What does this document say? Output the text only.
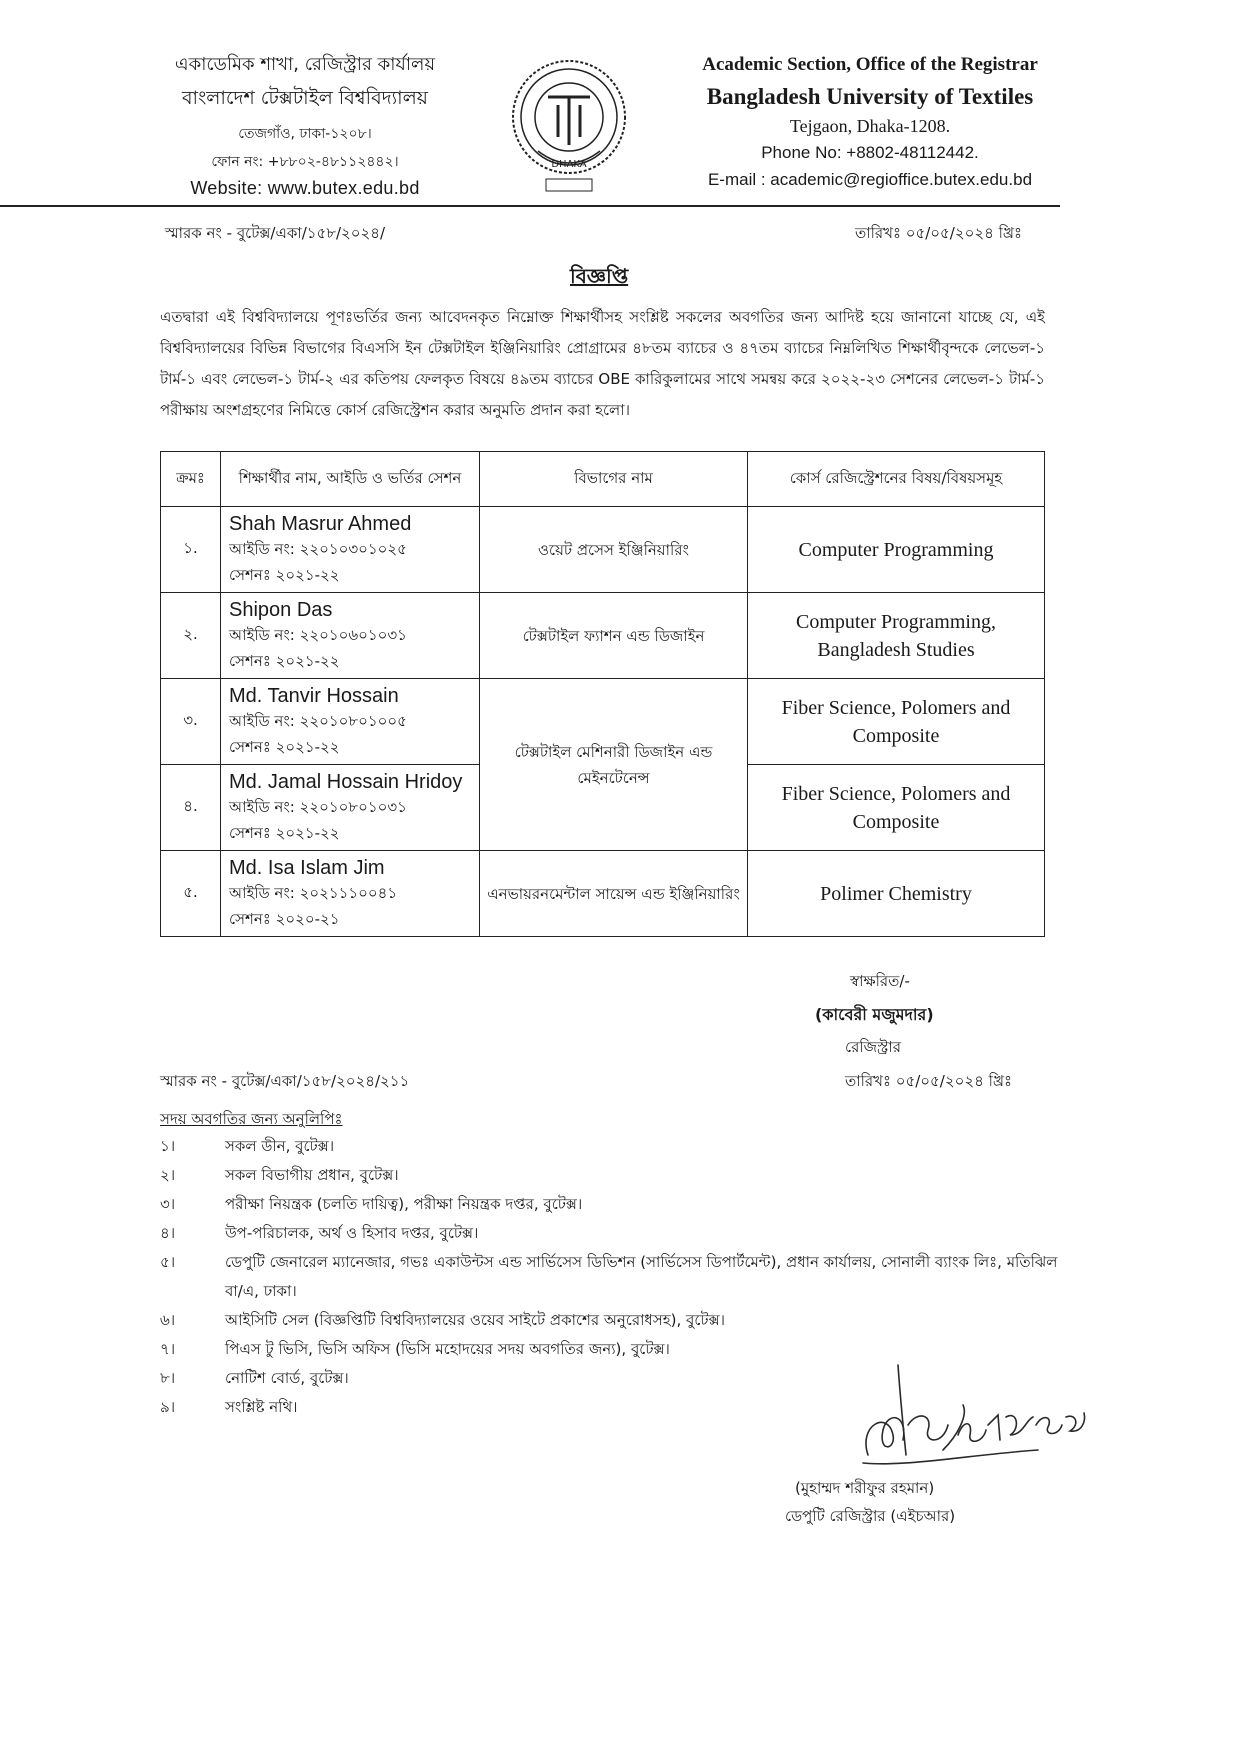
একাডেমিক শাখা, রেজিস্ট্রার কার্যালয়
বাংলাদেশ টেক্সটাইল বিশ্ববিদ্যালয়
তেজগাঁও, ঢাকা-১২০৮।
ফোন নং: +৮৮০২-৪৮১১২৪৪২।
Website: www.butex.edu.bd
DHAKA
Academic Section, Office of the Registrar
Bangladesh University of Textiles
Tejgaon, Dhaka-1208.
Phone No: +8802-48112442.
E-mail : academic@regioffice.butex.edu.bd
স্মারক নং - বুটেক্স/একা/১৫৮/২০২৪/	তারিখঃ ০৫/০৫/২০২৪ খ্রিঃ
বিজ্ঞপ্তি
এতদ্বারা এই বিশ্ববিদ্যালয়ে পূণঃভর্তির জন্য আবেদনকৃত নিম্নোক্ত শিক্ষার্থীসহ সংশ্লিষ্ট সকলের অবগতির জন্য আদিষ্ট হয়ে জানানো যাচ্ছে যে, এই বিশ্ববিদ্যালয়ের বিভিন্ন বিভাগের বিএসসি ইন টেক্সটাইল ইঞ্জিনিয়ারিং প্রোগ্রামের ৪৮তম ব্যাচের ও ৪৭তম ব্যাচের নিম্নলিখিত শিক্ষার্থীবৃন্দকে লেভেল-১ টার্ম-১ এবং লেভেল-১ টার্ম-২ এর কতিপয় ফেলকৃত বিষয়ে ৪৯তম ব্যাচের OBE কারিকুলামের সাথে সমন্বয় করে ২০২২-২৩ সেশনের লেভেল-১ টার্ম-১ পরীক্ষায় অংশগ্রহণের নিমিত্তে কোর্স রেজিস্ট্রেশন করার অনুমতি প্রদান করা হলো।
ক্রমঃ	শিক্ষার্থীর নাম, আইডি ও ভর্তির সেশন	বিভাগের নাম	কোর্স রেজিস্ট্রেশনের বিষয়/বিষয়সমূহ
১.	Shah Masrur Ahmed
আইডি নং: ২২০১০৩০১০২৫
সেশনঃ ২০২১-২২	ওয়েট প্রসেস ইঞ্জিনিয়ারিং	Computer Programming
২.	Shipon Das
আইডি নং: ২২০১০৬০১০৩১
সেশনঃ ২০২১-২২	টেক্সটাইল ফ্যাশন এন্ড ডিজাইন	Computer Programming, Bangladesh Studies
৩.	Md. Tanvir Hossain
আইডি নং: ২২০১০৮০১০০৫
সেশনঃ ২০২১-২২	টেক্সটাইল মেশিনারী ডিজাইন এন্ড মেইনটেনেন্স	Fiber Science, Polomers and Composite
৪.	Md. Jamal Hossain Hridoy
আইডি নং: ২২০১০৮০১০৩১
সেশনঃ ২০২১-২২		Fiber Science, Polomers and Composite
৫.	Md. Isa Islam Jim
আইডি নং: ২০২১১১০০৪১
সেশনঃ ২০২০-২১	এনভায়রনমেন্টাল সায়েন্স এন্ড ইঞ্জিনিয়ারিং	Polimer Chemistry
স্বাক্ষরিত/-
(কাবেরী মজুমদার)
রেজিস্ট্রার
স্মারক নং - বুটেক্স/একা/১৫৮/২০২৪/২১১	তারিখঃ ০৫/০৫/২০২৪ খ্রিঃ
সদয় অবগতির জন্য অনুলিপিঃ
১।	সকল ডীন, বুটেক্স।
২।	সকল বিভাগীয় প্রধান, বুটেক্স।
৩।	পরীক্ষা নিয়ন্ত্রক (চলতি দায়িত্ব), পরীক্ষা নিয়ন্ত্রক দপ্তর, বুটেক্স।
৪।	উপ-পরিচালক, অর্থ ও হিসাব দপ্তর, বুটেক্স।
৫।	ডেপুটি জেনারেল ম্যানেজার, গভঃ একাউন্টস এন্ড সার্ভিসেস ডিভিশন (সার্ভিসেস ডিপার্টমেন্ট), প্রধান কার্যালয়, সোনালী ব্যাংক লিঃ, মতিঝিল বা/এ, ঢাকা।
৬।	আইসিটি সেল (বিজ্ঞপ্তিটি বিশ্ববিদ্যালয়ের ওয়েব সাইটে প্রকাশের অনুরোধসহ), বুটেক্স।
৭।	পিএস টু ভিসি, ভিসি অফিস (ভিসি মহোদয়ের সদয় অবগতির জন্য), বুটেক্স।
৮।	নোটিশ বোর্ড, বুটেক্স।
৯।	সংশ্লিষ্ট নথি।
(মুহাম্মদ শরীফুর রহমান)
ডেপুটি রেজিস্ট্রার (এইচআর)
